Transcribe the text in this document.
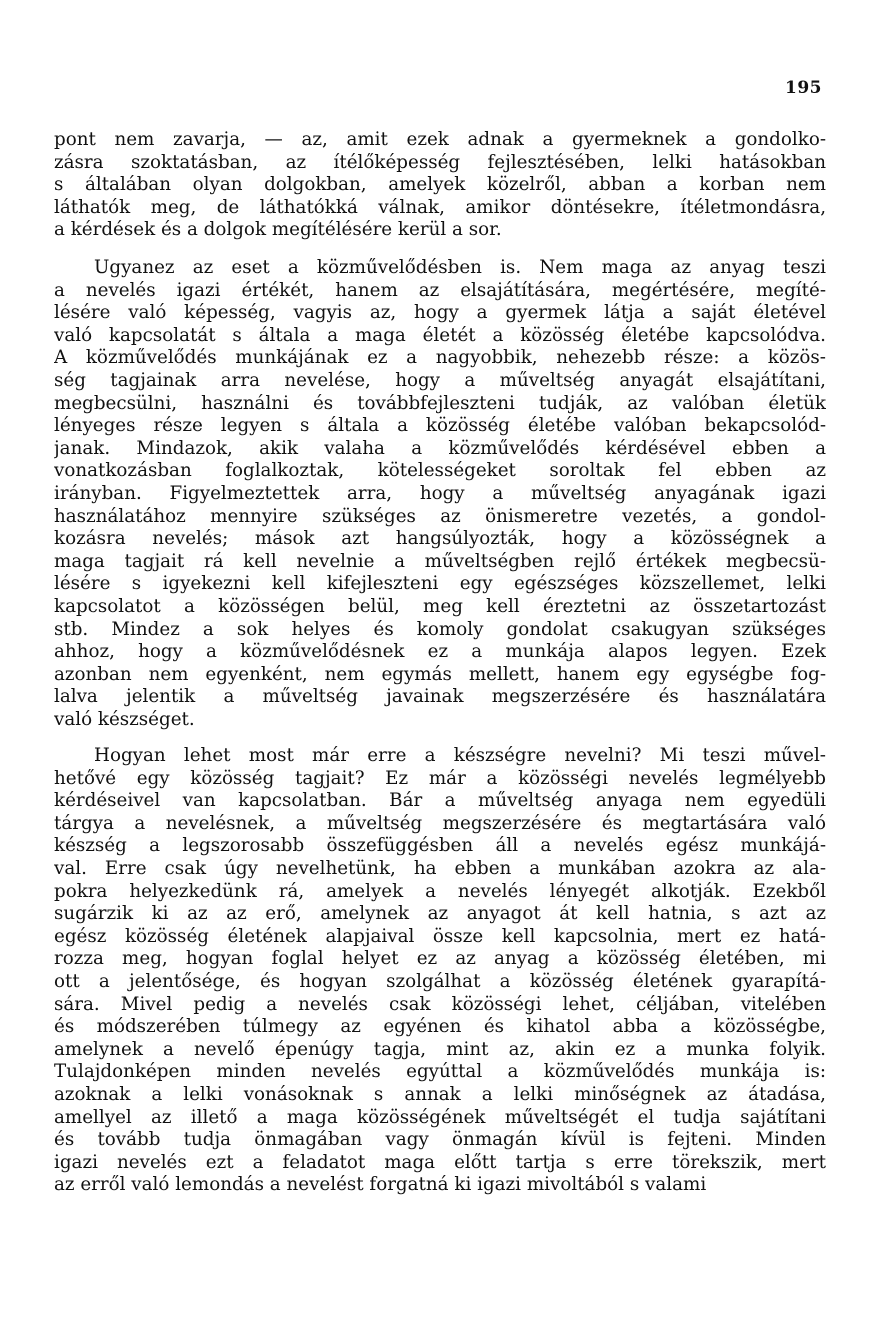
195
pont nem zavarja, — az, amit ezek adnak a gyermeknek a gondolko-
zásra szoktatásban, az ítélőképesség fejlesztésében, lelki hatásokban
s általában olyan dolgokban, amelyek közelről, abban a korban nem
láthatók meg, de láthatókká válnak, amikor döntésekre, ítéletmondásra,
a kérdések és a dolgok megítélésére kerül a sor.
Ugyanez az eset a közművelődésben is. Nem maga az anyag teszi
a nevelés igazi értékét, hanem az elsajátítására, megértésére, megíté-
lésére való képesség, vagyis az, hogy a gyermek látja a saját életével
való kapcsolatát s általa a maga életét a közösség életébe kapcsolódva.
A közművelődés munkájának ez a nagyobbik, nehezebb része: a közös-
ség tagjainak arra nevelése, hogy a műveltség anyagát elsajátítani,
megbecsülni, használni és továbbfejleszteni tudják, az valóban életük
lényeges része legyen s általa a közösség életébe valóban bekapcsolód-
janak. Mindazok, akik valaha a közművelődés kérdésével ebben a
vonatkozásban foglalkoztak, kötelességeket soroltak fel ebben az
irányban. Figyelmeztettek arra, hogy a műveltség anyagának igazi
használatához mennyire szükséges az önismeretre vezetés, a gondol-
kozásra nevelés; mások azt hangsúlyozták, hogy a közösségnek a
maga tagjait rá kell nevelnie a műveltségben rejlő értékek megbecsü-
lésére s igyekezni kell kifejleszteni egy egészséges közszellemet, lelki
kapcsolatot a közösségen belül, meg kell éreztetni az összetartozást
stb. Mindez a sok helyes és komoly gondolat csakugyan szükséges
ahhoz, hogy a közművelődésnek ez a munkája alapos legyen. Ezek
azonban nem egyenként, nem egymás mellett, hanem egy egységbe fog-
lalva jelentik a műveltség javainak megszerzésére és használatára
való készséget.
Hogyan lehet most már erre a készségre nevelni? Mi teszi művel-
hetővé egy közösség tagjait? Ez már a közösségi nevelés legmélyebb
kérdéseivel van kapcsolatban. Bár a műveltség anyaga nem egyedüli
tárgya a nevelésnek, a műveltség megszerzésére és megtartására való
készség a legszorosabb összefüggésben áll a nevelés egész munkájá-
val. Erre csak úgy nevelhetünk, ha ebben a munkában azokra az ala-
pokra helyezkedünk rá, amelyek a nevelés lényegét alkotják. Ezekből
sugárzik ki az az erő, amelynek az anyagot át kell hatnia, s azt az
egész közösség életének alapjaival össze kell kapcsolnia, mert ez hatá-
rozza meg, hogyan foglal helyet ez az anyag a közösség életében, mi
ott a jelentősége, és hogyan szolgálhat a közösség életének gyarapítá-
sára. Mivel pedig a nevelés csak közösségi lehet, céljában, vitelében
és módszerében túlmegy az egyénen és kihatol abba a közösségbe,
amelynek a nevelő épenúgy tagja, mint az, akin ez a munka folyik.
Tulajdonképen minden nevelés egyúttal a közművelődés munkája is:
azoknak a lelki vonásoknak s annak a lelki minőségnek az átadása,
amellyel az illető a maga közösségének műveltségét el tudja sajátítani
és tovább tudja önmagában vagy önmagán kívül is fejteni. Minden
igazi nevelés ezt a feladatot maga előtt tartja s erre törekszik, mert
az erről való lemondás a nevelést forgatná ki igazi mivoltából s valami
